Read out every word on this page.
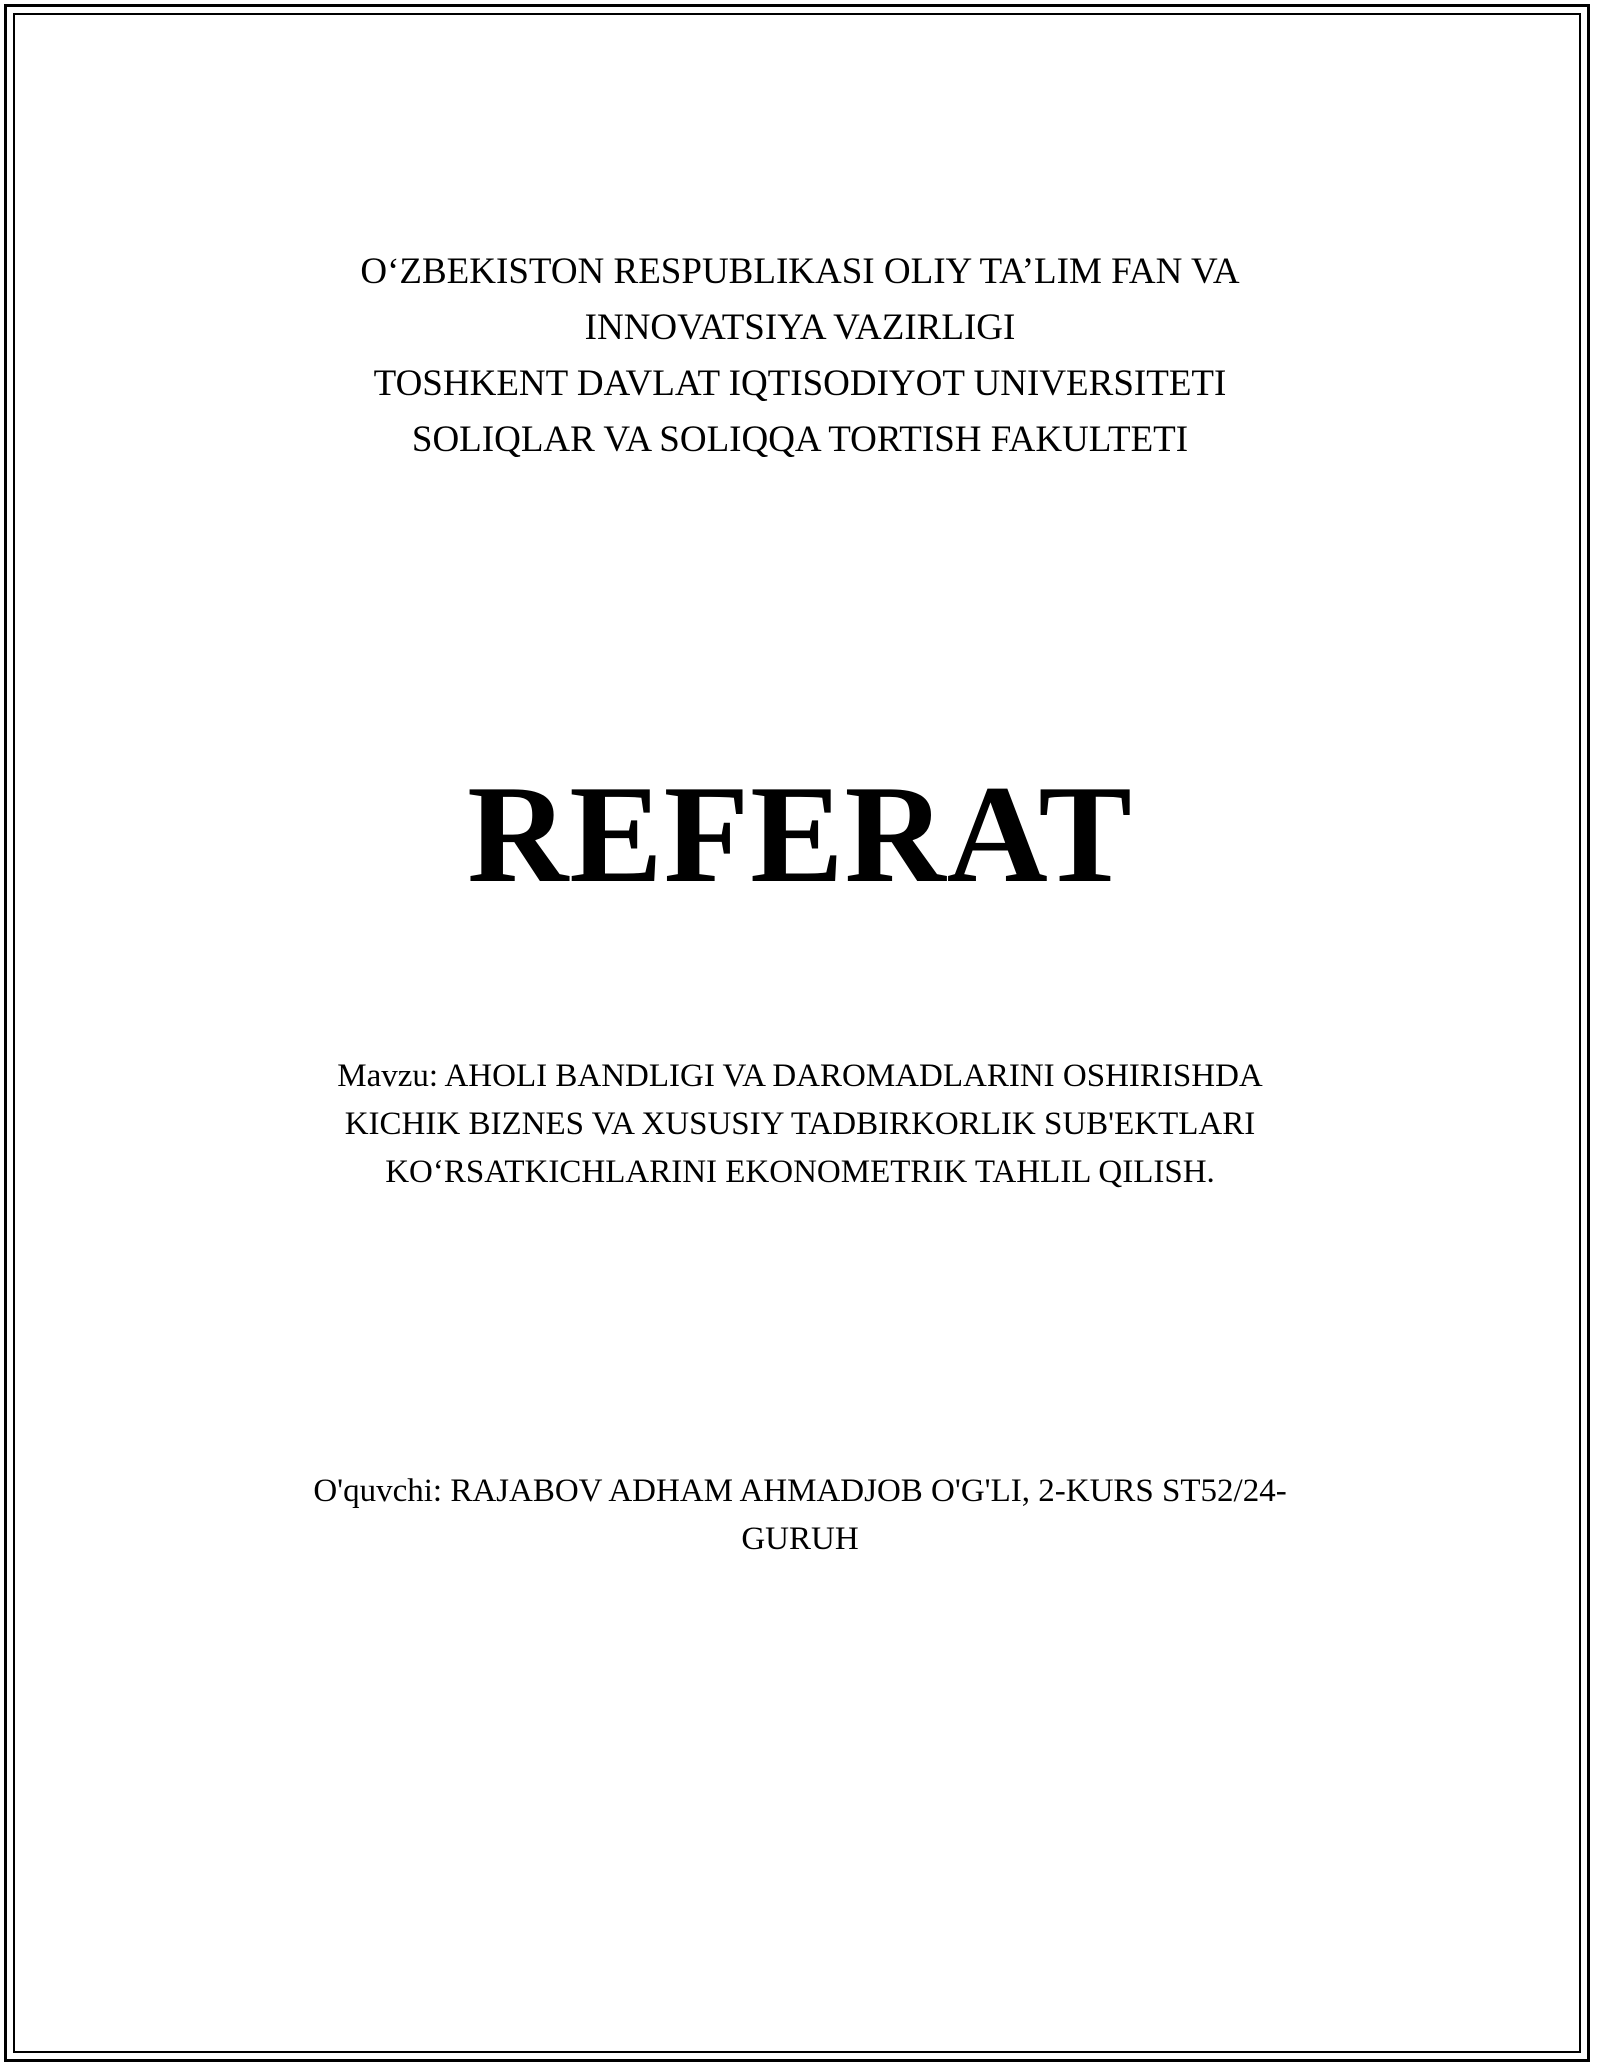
O‘ZBEKISTON RESPUBLIKASI OLIY TA’LIM FAN VA
INNOVATSIYA VAZIRLIGI
TOSHKENT DAVLAT IQTISODIYOT UNIVERSITETI
SOLIQLAR VA SOLIQQA TORTISH FAKULTETI
REFERAT
Mavzu: AHOLI BANDLIGI VA DAROMADLARINI OSHIRISHDA
KICHIK BIZNES VA XUSUSIY TADBIRKORLIK SUB'EKTLARI
KO‘RSATKICHLARINI EKONOMETRIK TAHLIL QILISH.
O'quvchi: RAJABOV ADHAM AHMADJOB O'G'LI, 2-KURS ST52/24-
GURUH
